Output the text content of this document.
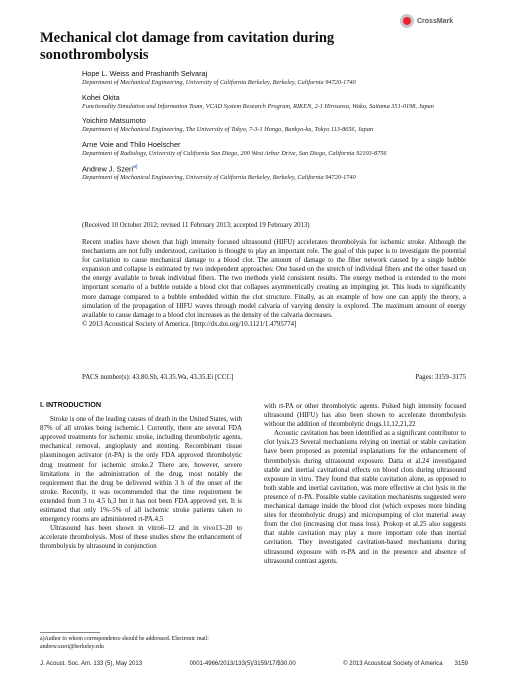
CrossMark
Mechanical clot damage from cavitation during sonothrombolysis
Hope L. Weiss and Prashanth Selvaraj
Department of Mechanical Engineering, University of California Berkeley, Berkeley, California 94720-1740
Kohei Okita
Functionality Simulation and Information Team, VCAD System Research Program, RIKEN, 2-1 Hirosawa, Wako, Saitama 351-0198, Japan
Yoichiro Matsumoto
Department of Mechanical Engineering, The University of Tokyo, 7-3-1 Hongo, Bunkyo-ku, Tokyo 113-8656, Japan
Arne Voie and Thilo Hoelscher
Department of Radiology, University of California San Diego, 200 West Arbor Drive, San Diego, California 92103-8756
Andrew J. Szeri$^{a)}$
Department of Mechanical Engineering, University of California Berkeley, Berkeley, California 94720-1740
(Received 10 October 2012; revised 11 February 2013; accepted 19 February 2013)
Recent studies have shown that high intensity focused ultrasound (HIFU) accelerates thrombolysis for ischemic stroke. Although the mechanisms are not fully understood, cavitation is thought to play an important role. The goal of this paper is to investigate the potential for cavitation to cause mechanical damage to a blood clot. The amount of damage to the fiber network caused by a single bubble expansion and collapse is estimated by two independent approaches: One based on the stretch of individual fibers and the other based on the energy available to break individual fibers. The two methods yield consistent results. The energy method is extended to the more important scenario of a bubble outside a blood clot that collapses asymmetrically creating an impinging jet. This leads to significantly more damage compared to a bubble embedded within the clot structure. Finally, as an example of how one can apply the theory, a simulation of the propagation of HIFU waves through model calvaria of varying density is explored. The maximum amount of energy available to cause damage to a blood clot increases as the density of the calvaria decreases.
© 2013 Acoustical Society of America. [http://dx.doi.org/10.1121/1.4795774]
PACS number(s): 43.80.Sh, 43.35.Wa, 43.35.Ei [CCC]	Pages: 3159–3175
I. INTRODUCTION

Stroke is one of the leading causes of death in the United States, with 87% of all strokes being ischemic.1 Currently, there are several FDA approved treatments for ischemic stroke, including thrombolytic agents, mechanical removal, angioplasty and stenting. Recombinant tissue plasminogen activator (rt-PA) is the only FDA approved thrombolytic drug treatment for ischemic stroke.2 There are, however, severe limitations in the administration of the drug, most notably the requirement that the drug be delivered within 3 h of the onset of the stroke. Recently, it was recommended that the time requirement be extended from 3 to 4.5 h,3 but it has not been FDA approved yet. It is estimated that only 1%–5% of all ischemic stroke patients taken to emergency rooms are administered rt-PA.4,5

Ultrasound has been shown in vitro6–12 and in vivo13–20 to accelerate thrombolysis. Most of these studies show the enhancement of thrombolysis by ultrasound in conjunction

with rt-PA or other thrombolytic agents. Pulsed high intensity focused ultrasound (HIFU) has also been shown to accelerate thrombolysis without the addition of thrombolytic drugs.11,12,21,22

Acoustic cavitation has been identified as a significant contributor to clot lysis.23 Several mechanisms relying on inertial or stable cavitation have been proposed as potential explanations for the enhancement of thrombolysis during ultrasound exposure. Datta et al.24 investigated stable and inertial cavitational effects on blood clots during ultrasound exposure in vitro. They found that stable cavitation alone, as opposed to both stable and inertial cavitation, was more effective at clot lysis in the presence of rt-PA. Possible stable cavitation mechanisms suggested were mechanical damage inside the blood clot (which exposes more binding sites for thrombolytic drugs) and micropumping of clot material away from the clot (increasing clot mass loss). Prokop et al.25 also suggests that stable cavitation may play a more important role than inertial cavitation. They investigated cavitation-based mechanisms during ultrasound exposure with rt-PA and in the presence and absence of ultrasound contrast agents.

a)Author to whom correspondence should be addressed. Electronic mail: andrew.szeri@berkeley.edu
J. Acoust. Soc. Am. 133 (5), May 2013	0001-4966/2013/133(5)/3159/17/$30.00	© 2013 Acoustical Society of America 3159
